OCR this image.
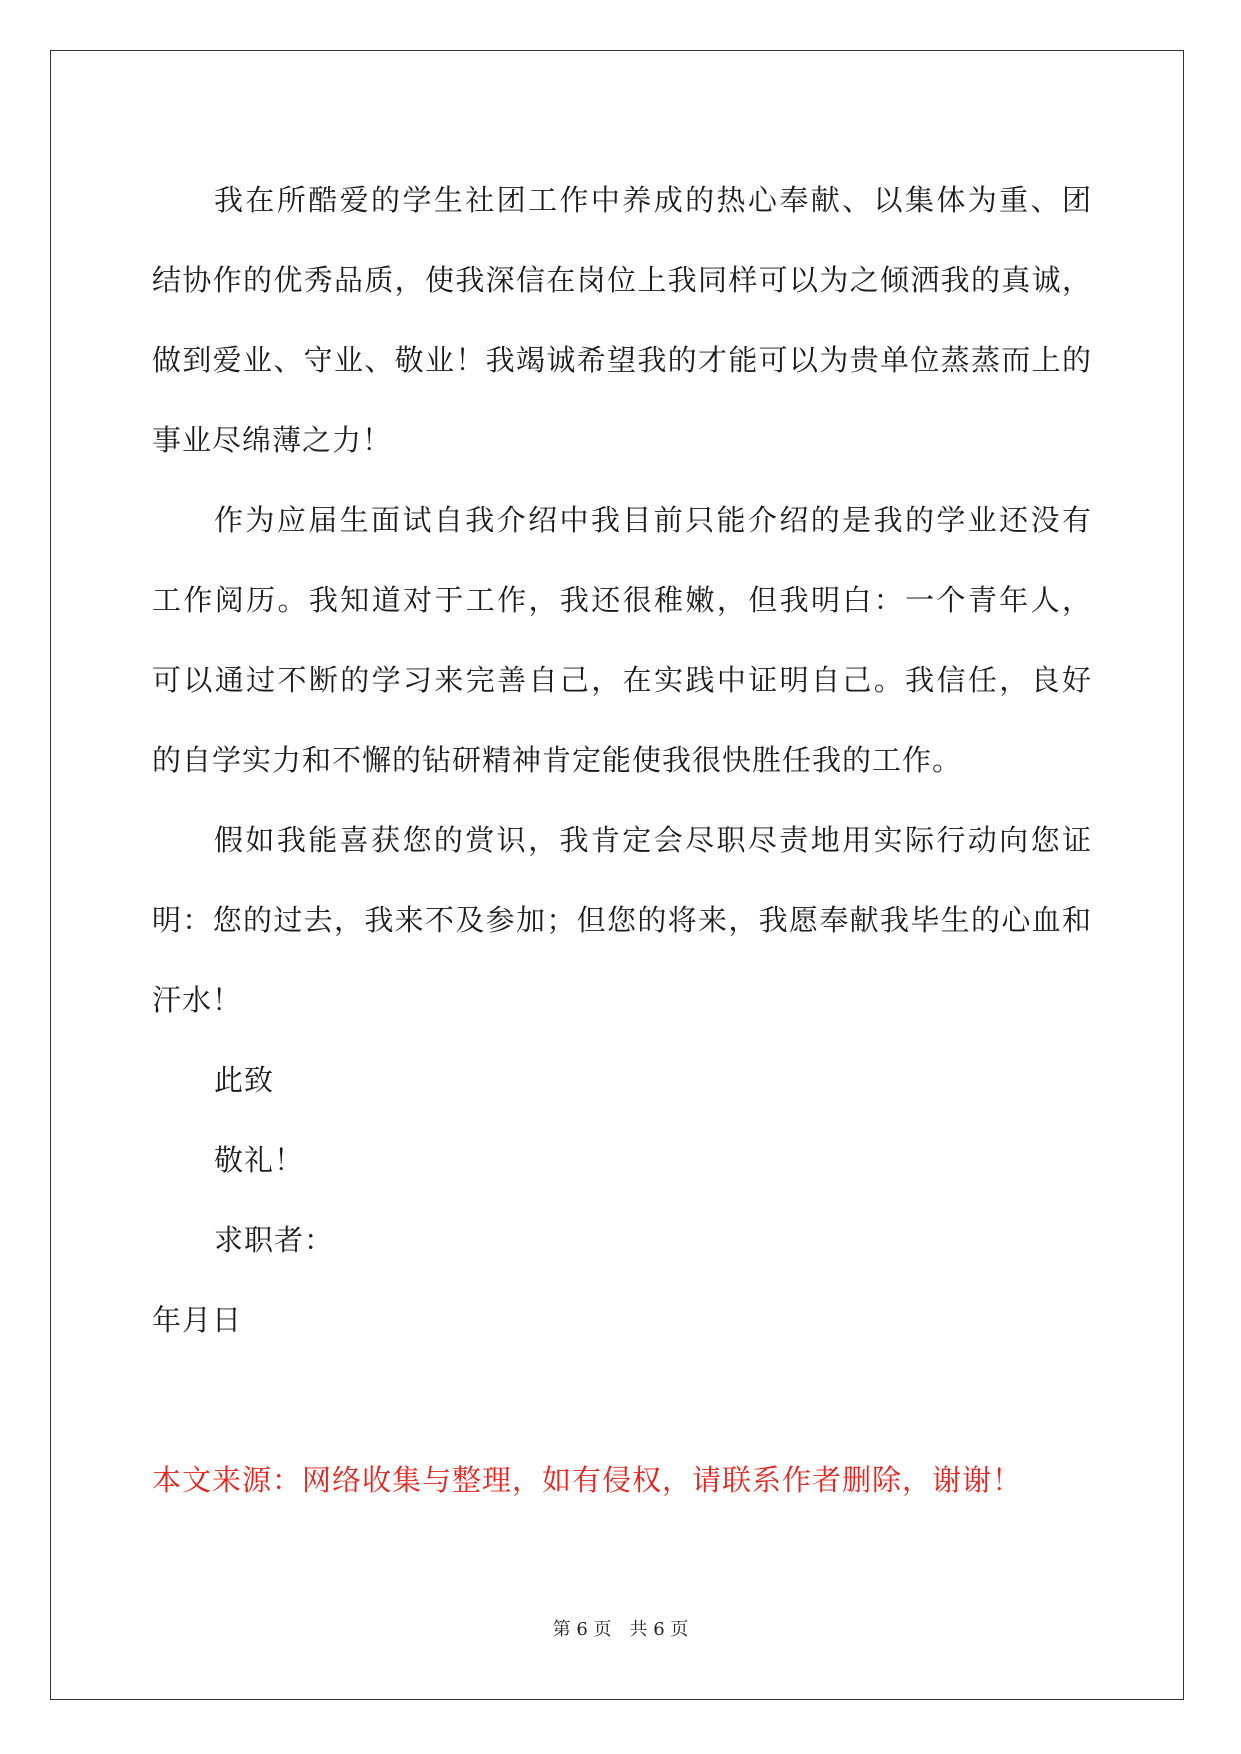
我在所酷爱的学生社团工作中养成的热心奉献、以集体为重、团
结协作的优秀品质，使我深信在岗位上我同样可以为之倾洒我的真诚，
做到爱业、守业、敬业！我竭诚希望我的才能可以为贵单位蒸蒸而上的
事业尽绵薄之力！
作为应届生面试自我介绍中我目前只能介绍的是我的学业还没有
工作阅历。我知道对于工作，我还很稚嫩，但我明白：一个青年人，
可以通过不断的学习来完善自己，在实践中证明自己。我信任，良好
的自学实力和不懈的钻研精神肯定能使我很快胜任我的工作。
假如我能喜获您的赏识，我肯定会尽职尽责地用实际行动向您证
明：您的过去，我来不及参加；但您的将来，我愿奉献我毕生的心血和
汗水！
此致
敬礼！
求职者：
年月日
本文来源：网络收集与整理，如有侵权，请联系作者删除，谢谢！
第 6 页 共 6 页
